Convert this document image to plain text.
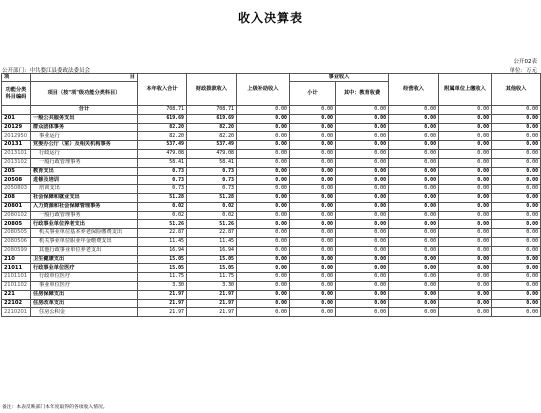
收入决算表
公开02表
公开部门：中共婺江县委政法委员会	单位：万元
项	目	本年收入合计	财政拨款收入	上级补助收入	事业收入		经营收入	附属单位上缴收入	其他收入
功能分类科目编码	项目（按"项"级功能分类科目）				小计	其中：教育收费			

	合计	708.71	708.71	0.00	0.00	0.00	0.00	0.00	0.00
201	一般公共服务支出	619.69	619.69	0.00	0.00	0.00	0.00	0.00	0.00
20129	群众团体事务	82.20	82.20	0.00	0.00	0.00	0.00	0.00	0.00
2012950	事业运行	82.20	82.20	0.00	0.00	0.00	0.00	0.00	0.00
20131	党委办公厅（室）及相关机构事务	537.49	537.49	0.00	0.00	0.00	0.00	0.00	0.00
2013101	行政运行	479.08	479.08	0.00	0.00	0.00	0.00	0.00	0.00
2013102	一般行政管理事务	58.41	58.41	0.00	0.00	0.00	0.00	0.00	0.00
205	教育支出	0.73	0.73	0.00	0.00	0.00	0.00	0.00	0.00
20508	进修及培训	0.73	0.73	0.00	0.00	0.00	0.00	0.00	0.00
2050803	培训支出	0.73	0.73	0.00	0.00	0.00	0.00	0.00	0.00
208	社会保障和就业支出	51.28	51.28	0.00	0.00	0.00	0.00	0.00	0.00
20801	人力资源和社会保障管理事务	0.02	0.02	0.00	0.00	0.00	0.00	0.00	0.00
2080102	一般行政管理事务	0.02	0.02	0.00	0.00	0.00	0.00	0.00	0.00
20805	行政事业单位养老支出	51.26	51.26	0.00	0.00	0.00	0.00	0.00	0.00
2080505	机关事业单位基本养老保险缴费支出	22.87	22.87	0.00	0.00	0.00	0.00	0.00	0.00
2080506	机关事业单位职业年金缴费支出	11.45	11.45	0.00	0.00	0.00	0.00	0.00	0.00
2080599	其他行政事业单位养老支出	16.94	16.94	0.00	0.00	0.00	0.00	0.00	0.00
210	卫生健康支出	15.05	15.05	0.00	0.00	0.00	0.00	0.00	0.00
21011	行政事业单位医疗	15.05	15.05	0.00	0.00	0.00	0.00	0.00	0.00
2101101	行政单位医疗	11.75	11.75	0.00	0.00	0.00	0.00	0.00	0.00
2101102	事业单位医疗	3.30	3.30	0.00	0.00	0.00	0.00	0.00	0.00
221	住房保障支出	21.97	21.97	0.00	0.00	0.00	0.00	0.00	0.00
22102	住房改革支出	21.97	21.97	0.00	0.00	0.00	0.00	0.00	0.00
2210201	住房公积金	21.97	21.97	0.00	0.00	0.00	0.00	0.00	0.00
备注：本表反映部门本年度取得的各项收入情况。
